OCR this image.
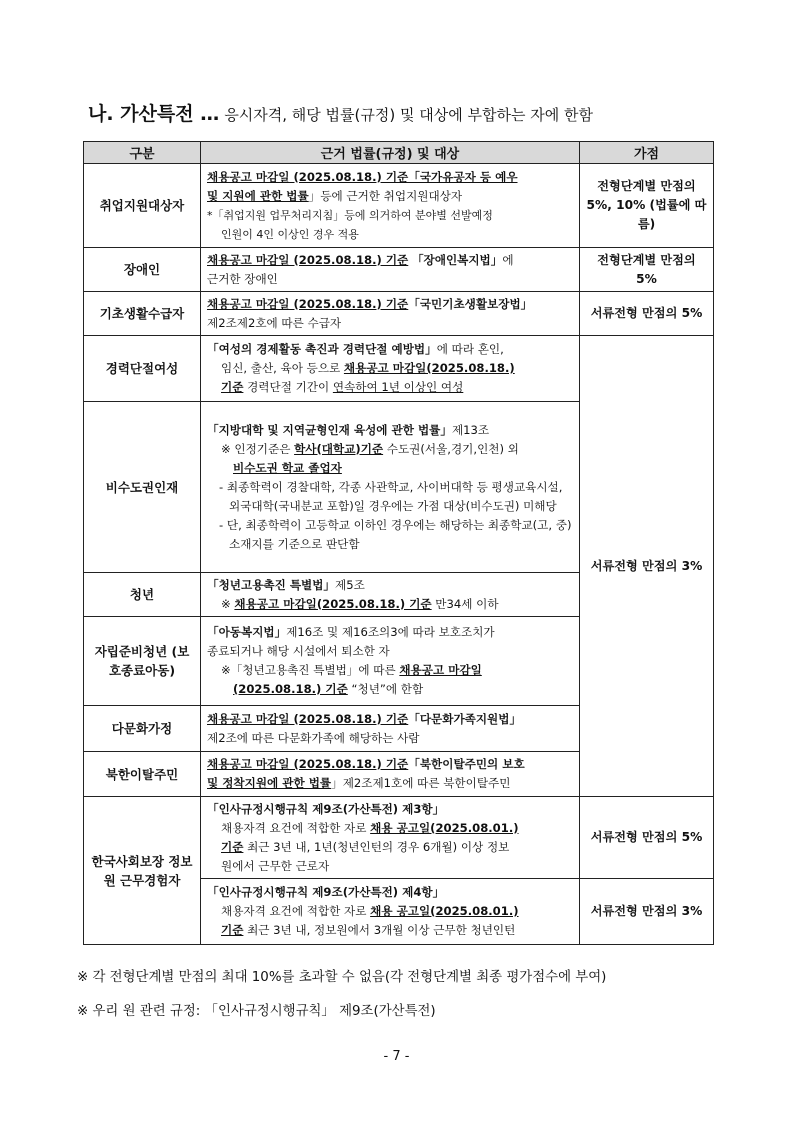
나. 가산특전 … 응시자격, 해당 법률(규정) 및 대상에 부합하는 자에 한함
구분	근거 법률(규정) 및 대상	가점
취업지원대상자	채용공고 마감일 (2025.08.18.) 기준「국가유공자 등 예우
및 지원에 관한 법률」등에 근거한 취업지원대상자
*「취업지원 업무처리지침」등에 의거하여 분야별 선발예정
인원이 4인 이상인 경우 적용	전형단계별 만점의 5%, 10% (법률에 따름)
장애인	채용공고 마감일 (2025.08.18.) 기준 「장애인복지법」에
근거한 장애인	전형단계별 만점의 5%
기초생활수급자	채용공고 마감일 (2025.08.18.) 기준「국민기초생활보장법」
제2조제2호에 따른 수급자	서류전형 만점의 5%
경력단절여성	「여성의 경제활동 촉진과 경력단절 예방법」에 따라 혼인,
임신, 출산, 육아 등으로 채용공고 마감일(2025.08.18.)
기준 경력단절 기간이 연속하여 1년 이상인 여성	서류전형 만점의 3%
비수도권인재	「지방대학 및 지역균형인재 육성에 관한 법률」제13조
※ 인정기준은 학사(대학교)기준 수도권(서울,경기,인천) 외
비수도권 학교 졸업자
- 최종학력이 경찰대학, 각종 사관학교, 사이버대학 등 평생교육시설, 외국대학(국내분교 포함)일 경우에는 가점 대상(비수도권) 미해당
- 단, 최종학력이 고등학교 이하인 경우에는 해당하는 최종학교(고, 중)소재지를 기준으로 판단함	

청년	「청년고용촉진 특별법」제5조
※ 채용공고 마감일(2025.08.18.) 기준 만34세 이하	

자립준비청년 (보호종료아동)	「아동복지법」제16조 및 제16조의3에 따라 보호조치가
종료되거나 해당 시설에서 퇴소한 자
※「청년고용촉진 특별법」에 따른 채용공고 마감일
(2025.08.18.) 기준 “청년”에 한함	

다문화가정	채용공고 마감일 (2025.08.18.) 기준「다문화가족지원법」
제2조에 따른 다문화가족에 해당하는 사람	

북한이탈주민	채용공고 마감일 (2025.08.18.) 기준「북한이탈주민의 보호
및 정착지원에 관한 법률」제2조제1호에 따른 북한이탈주민	

한국사회보장 정보원 근무경험자	「인사규정시행규칙 제9조(가산특전) 제3항」
채용자격 요건에 적합한 자로 채용 공고일(2025.08.01.)
기준 최근 3년 내, 1년(청년인턴의 경우 6개월) 이상 정보
원에서 근무한 근로자	서류전형 만점의 5%

	「인사규정시행규칙 제9조(가산특전) 제4항」
채용자격 요건에 적합한 자로 채용 공고일(2025.08.01.)
기준 최근 3년 내, 정보원에서 3개월 이상 근무한 청년인턴	서류전형 만점의 3%
※ 각 전형단계별 만점의 최대 10%를 초과할 수 없음(각 전형단계별 최종 평가점수에 부여)
※ 우리 원 관련 규정: 「인사규정시행규칙」 제9조(가산특전)
- 7 -
